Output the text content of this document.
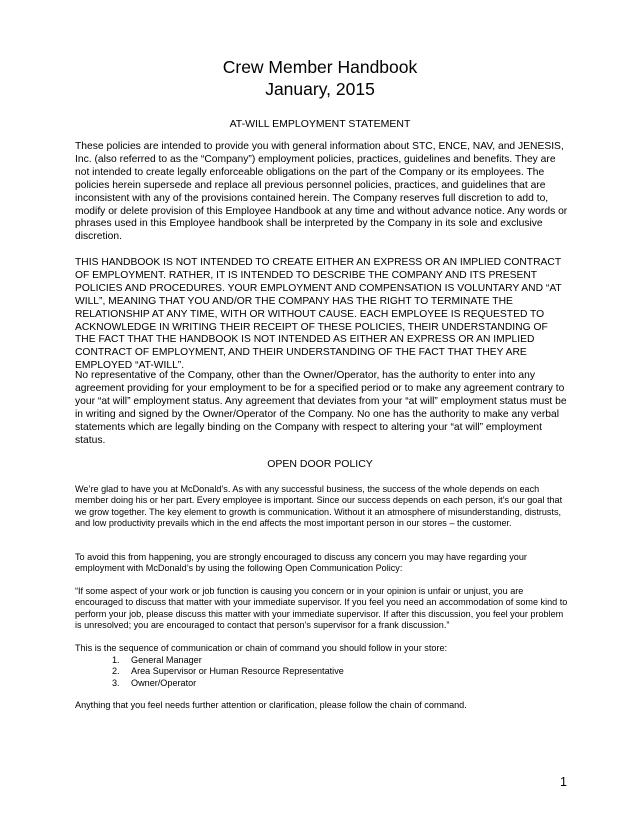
Crew Member Handbook
January, 2015
AT-WILL EMPLOYMENT STATEMENT

These policies are intended to provide you with general information about STC, ENCE, NAV, and JENESIS, Inc. (also referred to as the “Company”) employment policies, practices, guidelines and benefits. They are not intended to create legally enforceable obligations on the part of the Company or its employees. The policies herein supersede and replace all previous personnel policies, practices, and guidelines that are inconsistent with any of the provisions contained herein. The Company reserves full discretion to add to, modify or delete provision of this Employee Handbook at any time and without advance notice. Any words or phrases used in this Employee handbook shall be interpreted by the Company in its sole and exclusive discretion.

THIS HANDBOOK IS NOT INTENDED TO CREATE EITHER AN EXPRESS OR AN IMPLIED CONTRACT OF EMPLOYMENT. RATHER, IT IS INTENDED TO DESCRIBE THE COMPANY AND ITS PRESENT POLICIES AND PROCEDURES. YOUR EMPLOYMENT AND COMPENSATION IS VOLUNTARY AND “AT WILL”, MEANING THAT YOU AND/OR THE COMPANY HAS THE RIGHT TO TERMINATE THE RELATIONSHIP AT ANY TIME, WITH OR WITHOUT CAUSE. EACH EMPLOYEE IS REQUESTED TO ACKNOWLEDGE IN WRITING THEIR RECEIPT OF THESE POLICIES, THEIR UNDERSTANDING OF THE FACT THAT THE HANDBOOK IS NOT INTENDED AS EITHER AN EXPRESS OR AN IMPLIED CONTRACT OF EMPLOYMENT, AND THEIR UNDERSTANDING OF THE FACT THAT THEY ARE EMPLOYED “AT-WILL”.

No representative of the Company, other than the Owner/Operator, has the authority to enter into any agreement providing for your employment to be for a specified period or to make any agreement contrary to your “at will” employment status. Any agreement that deviates from your “at will” employment status must be in writing and signed by the Owner/Operator of the Company. No one has the authority to make any verbal statements which are legally binding on the Company with respect to altering your “at will” employment status.

OPEN DOOR POLICY

We’re glad to have you at McDonald’s. As with any successful business, the success of the whole depends on each member doing his or her part. Every employee is important. Since our success depends on each person, it’s our goal that we grow together. The key element to growth is communication. Without it an atmosphere of misunderstanding, distrusts, and low productivity prevails which in the end affects the most important person in our stores – the customer.

To avoid this from happening, you are strongly encouraged to discuss any concern you may have regarding your employment with McDonald’s by using the following Open Communication Policy:

“If some aspect of your work or job function is causing you concern or in your opinion is unfair or unjust, you are encouraged to discuss that matter with your immediate supervisor. If you feel you need an accommodation of some kind to perform your job, please discuss this matter with your immediate supervisor. If after this discussion, you feel your problem is unresolved; you are encouraged to contact that person’s supervisor for a frank discussion.”

This is the sequence of communication or chain of command you should follow in your store:

1. General Manager
2. Area Supervisor or Human Resource Representative
3. Owner/Operator

Anything that you feel needs further attention or clarification, please follow the chain of command.

1
